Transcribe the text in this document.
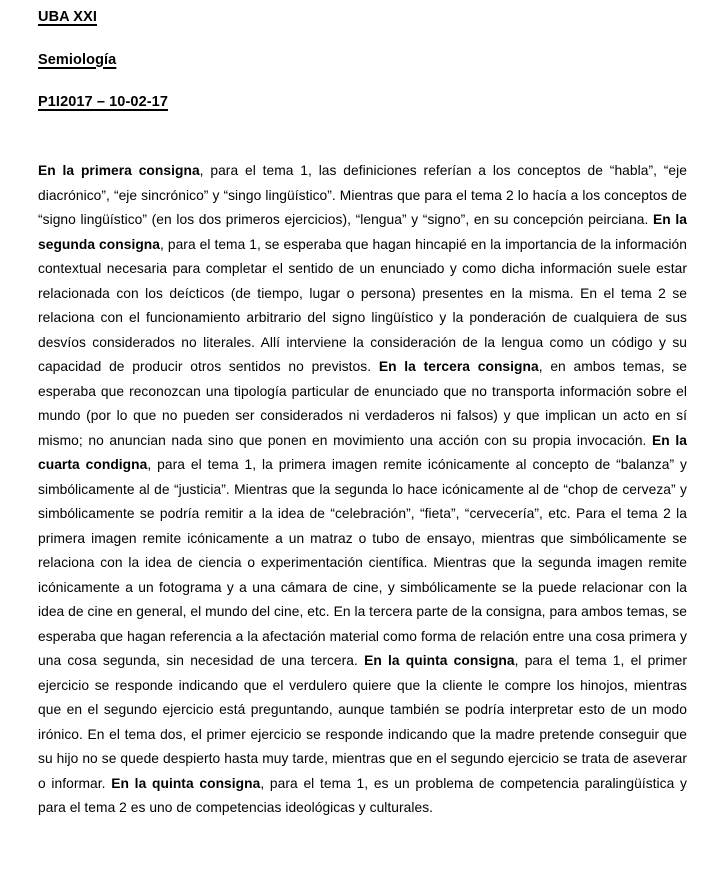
UBA XXI

Semiología

P1I2017 – 10-02-17

En la primera consigna, para el tema 1, las definiciones referían a los conceptos de “habla”, “eje diacrónico”, “eje sincrónico” y “singo lingüístico”. Mientras que para el tema 2 lo hacía a los conceptos de “signo lingüístico” (en los dos primeros ejercicios), “lengua” y “signo”, en su concepción peirciana. En la segunda consigna, para el tema 1, se esperaba que hagan hincapié en la importancia de la información contextual necesaria para completar el sentido de un enunciado y como dicha información suele estar relacionada con los deícticos (de tiempo, lugar o persona) presentes en la misma. En el tema 2 se relaciona con el funcionamiento arbitrario del signo lingüístico y la ponderación de cualquiera de sus desvíos considerados no literales. Allí interviene la consideración de la lengua como un código y su capacidad de producir otros sentidos no previstos. En la tercera consigna, en ambos temas, se esperaba que reconozcan una tipología particular de enunciado que no transporta información sobre el mundo (por lo que no pueden ser considerados ni verdaderos ni falsos) y que implican un acto en sí mismo; no anuncian nada sino que ponen en movimiento una acción con su propia invocación. En la cuarta condigna, para el tema 1, la primera imagen remite icónicamente al concepto de “balanza” y simbólicamente al de “justicia”. Mientras que la segunda lo hace icónicamente al de “chop de cerveza” y simbólicamente se podría remitir a la idea de “celebración”, “fieta”, “cervecería”, etc. Para el tema 2 la primera imagen remite icónicamente a un matraz o tubo de ensayo, mientras que simbólicamente se relaciona con la idea de ciencia o experimentación científica. Mientras que la segunda imagen remite icónicamente a un fotograma y a una cámara de cine, y simbólicamente se la puede relacionar con la idea de cine en general, el mundo del cine, etc. En la tercera parte de la consigna, para ambos temas, se esperaba que hagan referencia a la afectación material como forma de relación entre una cosa primera y una cosa segunda, sin necesidad de una tercera. En la quinta consigna, para el tema 1, el primer ejercicio se responde indicando que el verdulero quiere que la cliente le compre los hinojos, mientras que en el segundo ejercicio está preguntando, aunque también se podría interpretar esto de un modo irónico. En el tema dos, el primer ejercicio se responde indicando que la madre pretende conseguir que su hijo no se quede despierto hasta muy tarde, mientras que en el segundo ejercicio se trata de aseverar o informar. En la quinta consigna, para el tema 1, es un problema de competencia paralingüística y para el tema 2 es uno de competencias ideológicas y culturales.
